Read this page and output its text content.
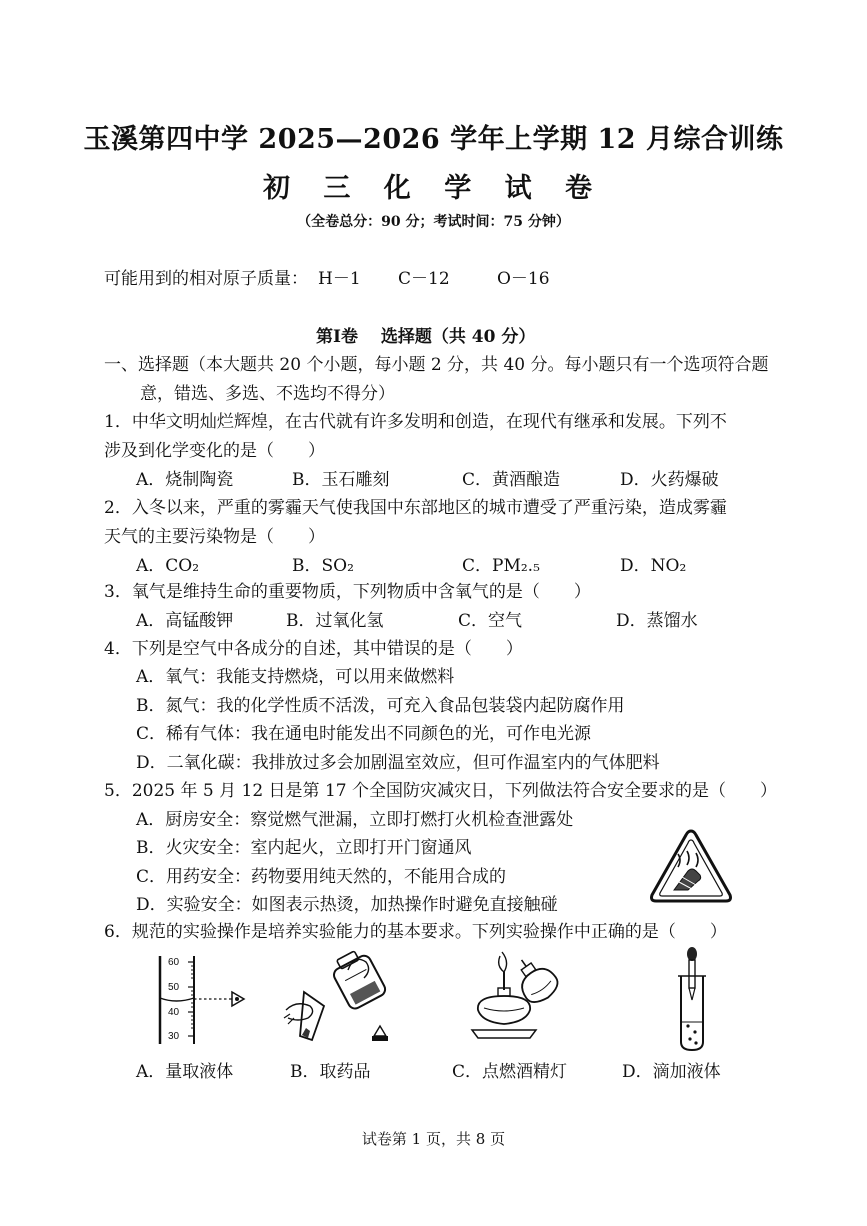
玉溪第四中学 2025—2026 学年上学期 12 月综合训练
初 三 化 学 试 卷
（全卷总分：90 分；考试时间：75 分钟）
可能用到的相对原子质量： H－1 C－12	O－16
第Ⅰ卷　 选择题（共 40 分）
一、选择题（本大题共 20 个小题，每小题 2 分，共 40 分。每小题只有一个选项符合题
意，错选、多选、不选均不得分）
1．中华文明灿烂辉煌，在古代就有许多发明和创造，在现代有继承和发展。下列不
涉及到化学变化的是（　　）
A．烧制陶瓷	B．玉石雕刻	C．黄酒酿造	D．火药爆破
2．入冬以来，严重的雾霾天气使我国中东部地区的城市遭受了严重污染，造成雾霾
天气的主要污染物是（　　）
A．CO₂	B．SO₂	C．PM₂.₅	D．NO₂
3．氧气是维持生命的重要物质，下列物质中含氧气的是（　　）
A．高锰酸钾	B．过氧化氢	C．空气	D．蒸馏水
4．下列是空气中各成分的自述，其中错误的是（　　）
A．氧气：我能支持燃烧，可以用来做燃料
B．氮气：我的化学性质不活泼，可充入食品包装袋内起防腐作用
C．稀有气体：我在通电时能发出不同颜色的光，可作电光源
D．二氧化碳：我排放过多会加剧温室效应，但可作温室内的气体肥料
5．2025 年 5 月 12 日是第 17 个全国防灾减灾日，下列做法符合安全要求的是（　　）
A．厨房安全：察觉燃气泄漏，立即打燃打火机检查泄露处
B．火灾安全：室内起火，立即打开门窗通风
C．用药安全：药物要用纯天然的，不能用合成的
D．实验安全：如图表示热烫，加热操作时避免直接触碰
6．规范的实验操作是培养实验能力的基本要求。下列实验操作中正确的是（　　）
60
50
40
30
A．量取液体	B．取药品	C．点燃酒精灯	D．滴加液体
试卷第 1 页，共 8 页
